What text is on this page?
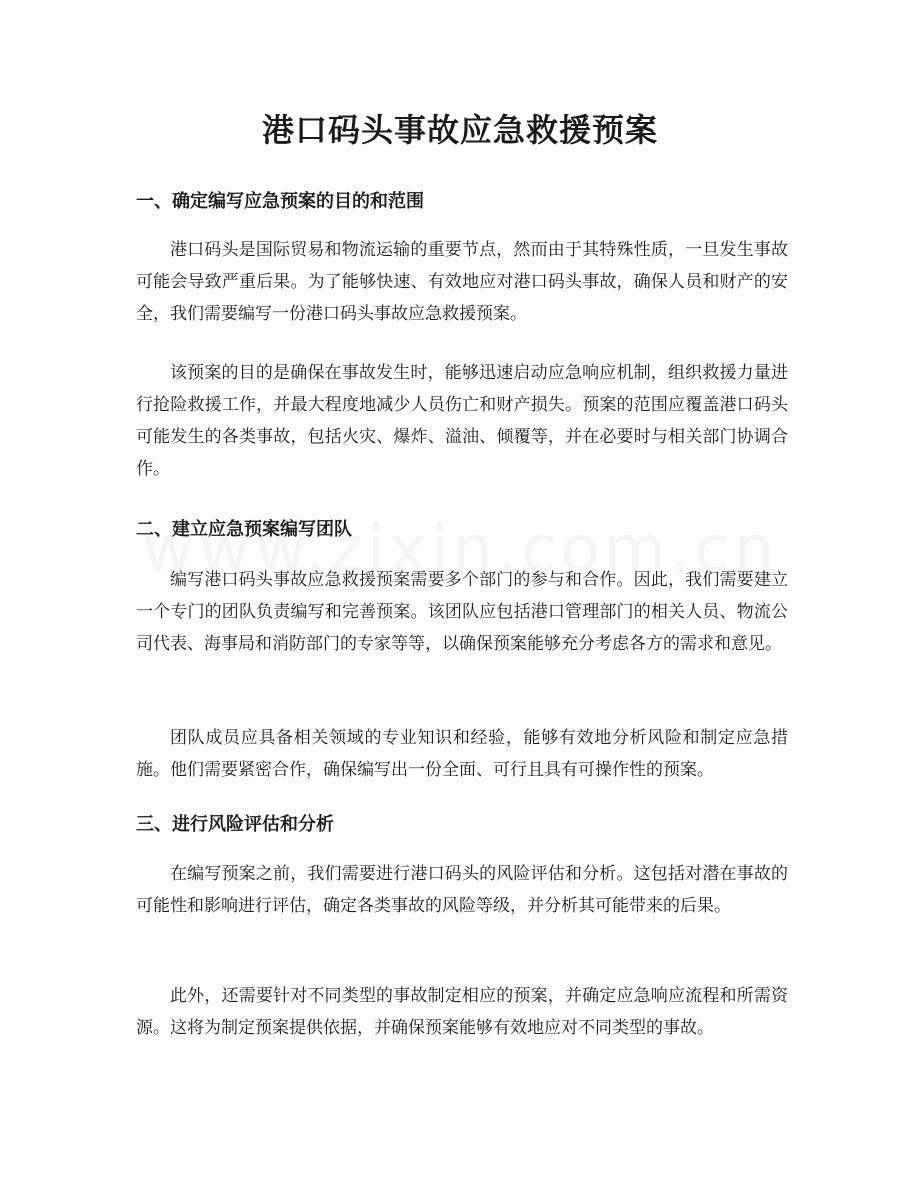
港口码头事故应急救援预案
一、确定编写应急预案的目的和范围

港口码头是国际贸易和物流运输的重要节点，然而由于其特殊性质，一旦发生事故可能会导致严重后果。为了能够快速、有效地应对港口码头事故，确保人员和财产的安全，我们需要编写一份港口码头事故应急救援预案。

该预案的目的是确保在事故发生时，能够迅速启动应急响应机制，组织救援力量进行抢险救援工作，并最大程度地减少人员伤亡和财产损失。预案的范围应覆盖港口码头可能发生的各类事故，包括火灾、爆炸、溢油、倾覆等，并在必要时与相关部门协调合作。

二、建立应急预案编写团队

编写港口码头事故应急救援预案需要多个部门的参与和合作。因此，我们需要建立一个专门的团队负责编写和完善预案。该团队应包括港口管理部门的相关人员、物流公司代表、海事局和消防部门的专家等等，以确保预案能够充分考虑各方的需求和意见。

团队成员应具备相关领域的专业知识和经验，能够有效地分析风险和制定应急措施。他们需要紧密合作，确保编写出一份全面、可行且具有可操作性的预案。

三、进行风险评估和分析

在编写预案之前，我们需要进行港口码头的风险评估和分析。这包括对潜在事故的可能性和影响进行评估，确定各类事故的风险等级，并分析其可能带来的后果。

此外，还需要针对不同类型的事故制定相应的预案，并确定应急响应流程和所需资源。这将为制定预案提供依据，并确保预案能够有效地应对不同类型的事故。
